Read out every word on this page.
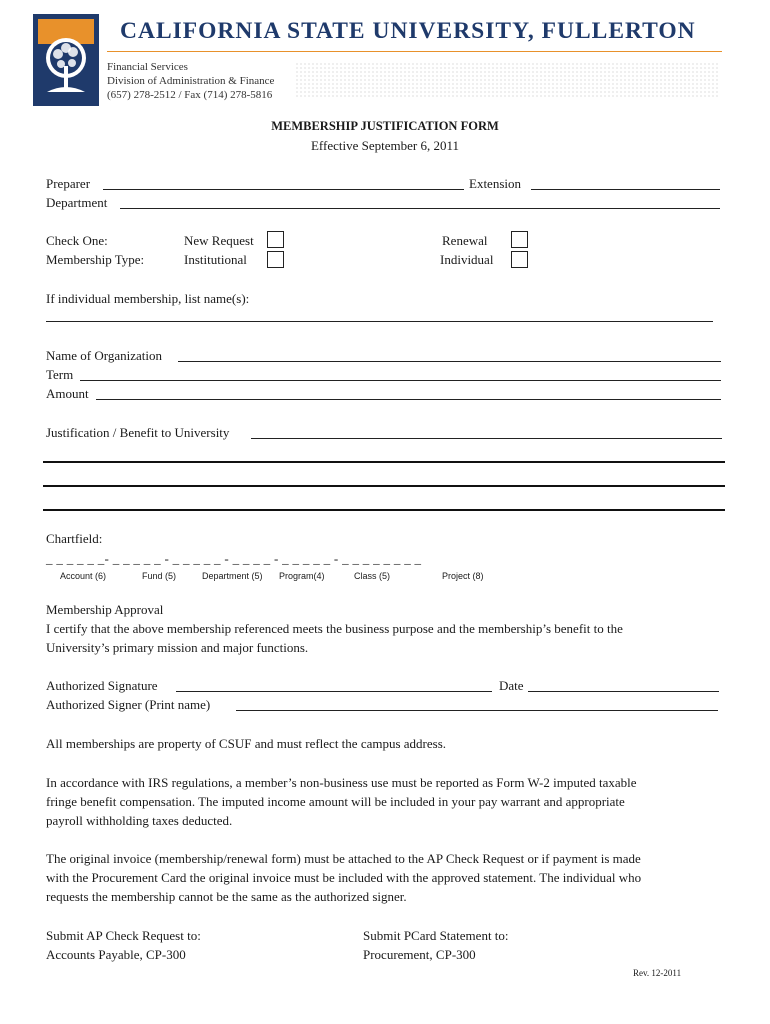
CALIFORNIA STATE UNIVERSITY, FULLERTON
Financial Services
Division of Administration & Finance
(657) 278-2512 / Fax (714) 278-5816
MEMBERSHIP JUSTIFICATION FORM
Effective September 6, 2011
Preparer	Extension
Department
Check One:	New Request	Renewal
Membership Type:	Institutional	Individual
If individual membership, list name(s):
Name of Organization
Term
Amount
Justification / Benefit to University
Chartfield:
_ _ _ _ _ _- _ _ _ _ _ - _ _ _ _ _ - _ _ _ _ - _ _ _ _ _ - _ _ _ _ _ _ _ _
Account (6)	Fund (5)	Department (5) Program(4)	Class (5)	Project (8)
Membership Approval
I certify that the above membership referenced meets the business purpose and the membership’s benefit to the
University’s primary mission and major functions.
Authorized Signature	Date
Authorized Signer (Print name)
All memberships are property of CSUF and must reflect the campus address.
In accordance with IRS regulations, a member’s non-business use must be reported as Form W-2 imputed taxable
fringe benefit compensation. The imputed income amount will be included in your pay warrant and appropriate
payroll withholding taxes deducted.
The original invoice (membership/renewal form) must be attached to the AP Check Request or if payment is made
with the Procurement Card the original invoice must be included with the approved statement. The individual who
requests the membership cannot be the same as the authorized signer.
Submit AP Check Request to:
Accounts Payable, CP-300
Submit PCard Statement to:
Procurement, CP-300
Rev. 12-2011
